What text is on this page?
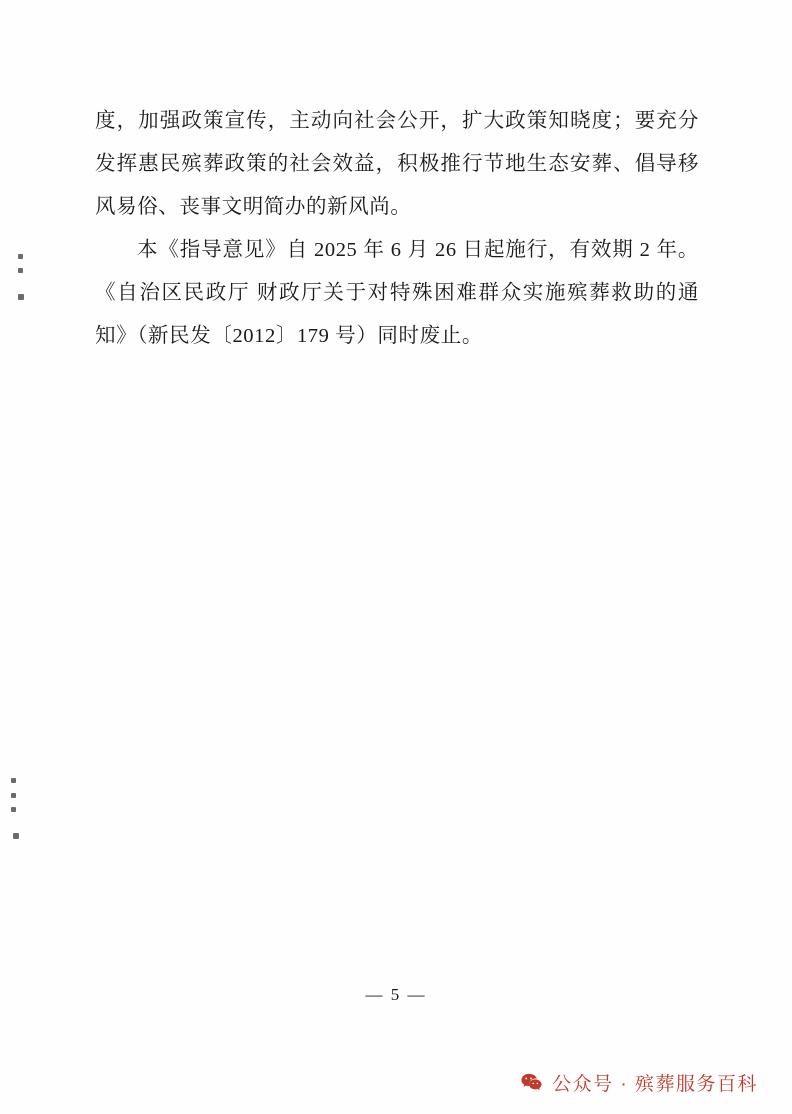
度，加强政策宣传，主动向社会公开，扩大政策知晓度；要充分发挥惠民殡葬政策的社会效益，积极推行节地生态安葬、倡导移风易俗、丧事文明简办的新风尚。

本《指导意见》自 2025 年 6 月 26 日起施行，有效期 2 年。《自治区民政厅 财政厅关于对特殊困难群众实施殡葬救助的通知》（新民发〔2012〕179 号）同时废止。

— 5 —
公众号 · 殡葬服务百科
